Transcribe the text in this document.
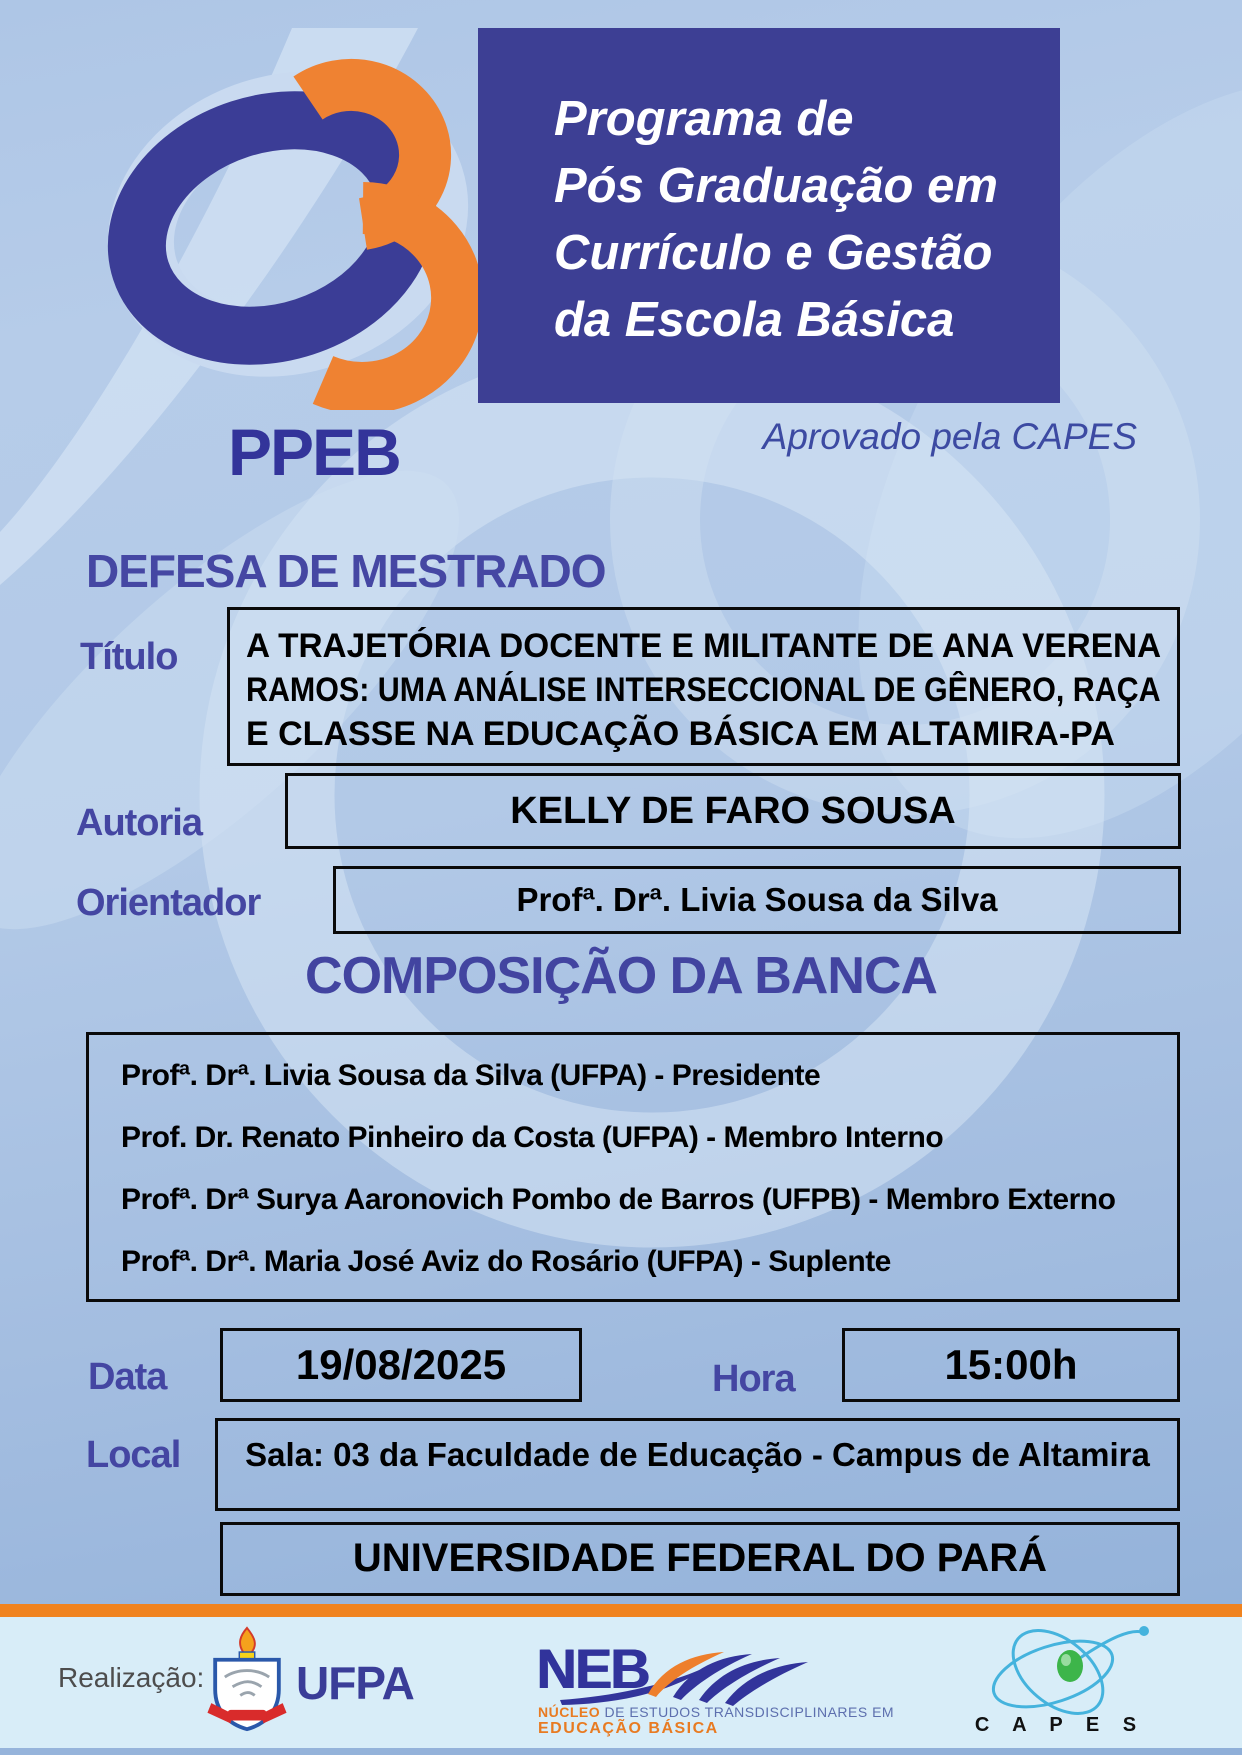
Programa de
Pós Graduação em
Currículo e Gestão
da Escola Básica
PPEB	Aprovado pela CAPES
DEFESA DE MESTRADO
Título A TRAJETÓRIA DOCENTE E MILITANTE DE ANA VERENA
RAMOS: UMA ANÁLISE INTERSECCIONAL DE GÊNERO, RAÇA
E CLASSE NA EDUCAÇÃO BÁSICA EM ALTAMIRA-PA
Autoria	KELLY DE FARO SOUSA
Orientador	Profª. Drª. Livia Sousa da Silva
COMPOSIÇÃO DA BANCA
Profª. Drª. Livia Sousa da Silva (UFPA) - Presidente
Prof. Dr. Renato Pinheiro da Costa (UFPA) - Membro Interno
Profª. Drª Surya Aaronovich Pombo de Barros (UFPB) - Membro Externo
Profª. Drª. Maria José Aviz do Rosário (UFPA) - Suplente
Data	19/08/2025	Hora	15:00h
Local	Sala: 03 da Faculdade de Educação - Campus de Altamira
UNIVERSIDADE FEDERAL DO PARÁ
Realização: UFPA NEB
NÚCLEO DE ESTUDOS TRANSDISCIPLINARES EM
EDUCAÇÃO BÁSICA	C A P E S
